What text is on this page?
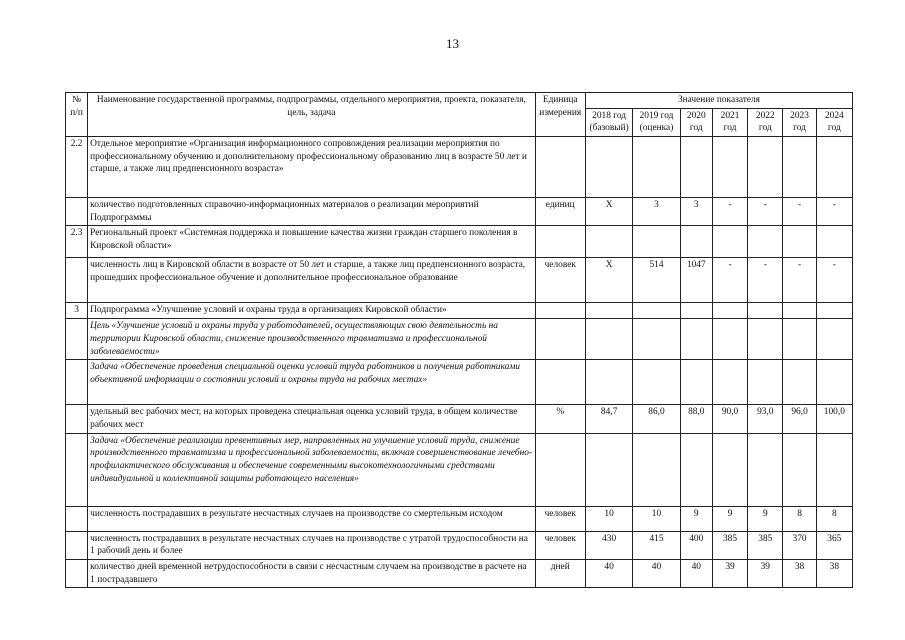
13
№ п/п	Наименование государственной программы, подпрограммы, отдельного мероприятия, проекта, показателя, цель, задача	Единица измерения	Значение показателя						
			2018 год (базовый)	2019 год (оценка)	2020 год	2021 год	2022 год	2023 год	2024 год
2.2	Отдельное мероприятие «Организация информационного сопровождения реализации мероприятия по профессиональному обучению и дополнительному профессиональному образованию лиц в возрасте 50 лет и старше, а также лиц предпенсионного возраста»								
	количество подготовленных справочно-информационных материалов о реализации мероприятий Подпрограммы	единиц	Х	3	3	-	-	-	-
2.3	Региональный проект «Системная поддержка и повышение качества жизни граждан старшего поколения в Кировской области»								
	численность лиц в Кировской области в возрасте от 50 лет и старше, а также лиц предпенсионного возраста, прошедших профессиональное обучение и дополнительное профессиональное образование	человек	Х	514	1047	-	-	-	-
3	Подпрограмма «Улучшение условий и охраны труда в организациях Кировской области»								
	Цель «Улучшение условий и охраны труда у работодателей, осуществляющих свою деятельность на территории Кировской области, снижение производственного травматизма и профессиональной заболеваемости»								
	Задача «Обеспечение проведения специальной оценки условий труда работников и получения работниками объективной информации о состоянии условий и охраны труда на рабочих местах»								
	удельный вес рабочих мест, на которых проведена специальная оценка условий труда, в общем количестве рабочих мест	%	84,7	86,0	88,0	90,0	93,0	96,0	100,0
	Задача «Обеспечение реализации превентивных мер, направленных на улучшение условий труда, снижение производственного травматизма и профессиональной заболеваемости, включая совершенствование лечебно-профилактического обслуживания и обеспечение современными высокотехнологичными средствами индивидуальной и коллективной защиты работающего населения»								
	численность пострадавших в результате несчастных случаев на производстве со смертельным исходом	человек	10	10	9	9	9	8	8
	численность пострадавших в результате несчастных случаев на производстве с утратой трудоспособности на 1 рабочий день и более	человек	430	415	400	385	385	370	365
	количество дней временной нетрудоспособности в связи с несчастным случаем на производстве в расчете на 1 пострадавшего	дней	40	40	40	39	39	38	38
